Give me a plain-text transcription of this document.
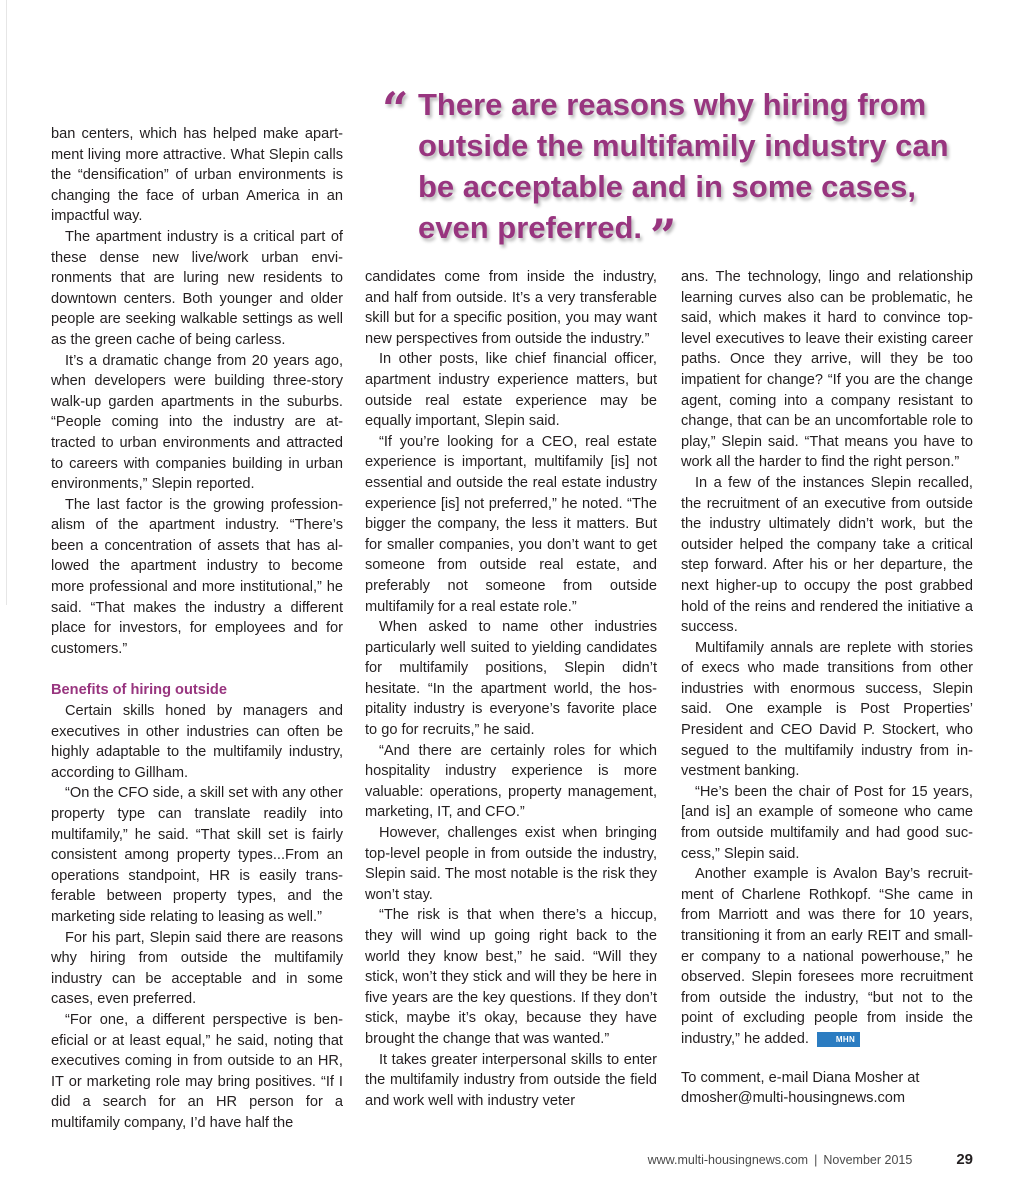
“ There are reasons why hiring from
outside the multifamily industry can
be acceptable and in some cases,
even preferred. ”

ban centers, which has helped make apartment living more attractive. What Slepin calls the “densification” of urban environments is changing the face of urban America in an impactful way.

The apartment industry is a critical part of these dense new live/work urban environments that are luring new residents to downtown centers. Both younger and older people are seeking walkable settings as well as the green cache of being carless.

It’s a dramatic change from 20 years ago, when developers were building three-story walk-up garden apartments in the suburbs. “People coming into the industry are attracted to urban environments and attracted to careers with companies building in urban environments,” Slepin reported.

The last factor is the growing professionalism of the apartment industry. “There’s been a concentration of assets that has allowed the apartment industry to become more professional and more institutional,” he said. “That makes the industry a different place for investors, for employees and for customers.”

Benefits of hiring outside

Certain skills honed by managers and executives in other industries can often be highly adaptable to the multifamily industry, according to Gillham.

“On the CFO side, a skill set with any other property type can translate readily into multifamily,” he said. “That skill set is fairly consistent among property types...From an operations standpoint, HR is easily transferable between property types, and the marketing side relating to leasing as well.”

For his part, Slepin said there are reasons why hiring from outside the multifamily industry can be acceptable and in some cases, even preferred.

“For one, a different perspective is beneficial or at least equal,” he said, noting that executives coming in from outside to an HR, IT or marketing role may bring positives. “If I did a search for an HR person for a multifamily company, I’d have half the

candidates come from inside the industry, and half from outside. It’s a very transferable skill but for a specific position, you may want new perspectives from outside the industry.”

In other posts, like chief financial officer, apartment industry experience matters, but outside real estate experience may be equally important, Slepin said.

“If you’re looking for a CEO, real estate experience is important, multifamily [is] not essential and outside the real estate industry experience [is] not preferred,” he noted. “The bigger the company, the less it matters. But for smaller companies, you don’t want to get someone from outside real estate, and preferably not someone from outside multifamily for a real estate role.”

When asked to name other industries particularly well suited to yielding candidates for multifamily positions, Slepin didn’t hesitate. “In the apartment world, the hospitality industry is everyone’s favorite place to go for recruits,” he said.

“And there are certainly roles for which hospitality industry experience is more valuable: operations, property management, marketing, IT, and CFO.”

However, challenges exist when bringing top-level people in from outside the industry, Slepin said. The most notable is the risk they won’t stay.

“The risk is that when there’s a hiccup, they will wind up going right back to the world they know best,” he said. “Will they stick, won’t they stick and will they be here in five years are the key questions. If they don’t stick, maybe it’s okay, because they have brought the change that was wanted.”

It takes greater interpersonal skills to enter the multifamily industry from outside the field and work well with industry veter

ans. The technology, lingo and relationship learning curves also can be problematic, he said, which makes it hard to convince top-level executives to leave their existing career paths. Once they arrive, will they be too impatient for change? “If you are the change agent, coming into a company resistant to change, that can be an uncomfortable role to play,” Slepin said. “That means you have to work all the harder to find the right person.”

In a few of the instances Slepin recalled, the recruitment of an executive from outside the industry ultimately didn’t work, but the outsider helped the company take a critical step forward. After his or her departure, the next higher-up to occupy the post grabbed hold of the reins and rendered the initiative a success.

Multifamily annals are replete with stories of execs who made transitions from other industries with enormous success, Slepin said. One example is Post Properties’ President and CEO David P. Stockert, who segued to the multifamily industry from investment banking.

“He’s been the chair of Post for 15 years, [and is] an example of someone who came from outside multifamily and had good success,” Slepin said.

Another example is Avalon Bay’s recruitment of Charlene Rothkopf. “She came in from Marriott and was there for 10 years, transitioning it from an early REIT and smaller company to a national powerhouse,” he observed. Slepin foresees more recruitment from outside the industry, “but not to the point of excluding people from inside the industry,” he added.	MHN

To comment, e-mail Diana Mosher at

dmosher@multi-housingnews.com

www.multi-housingnews.com | November 2015	29
